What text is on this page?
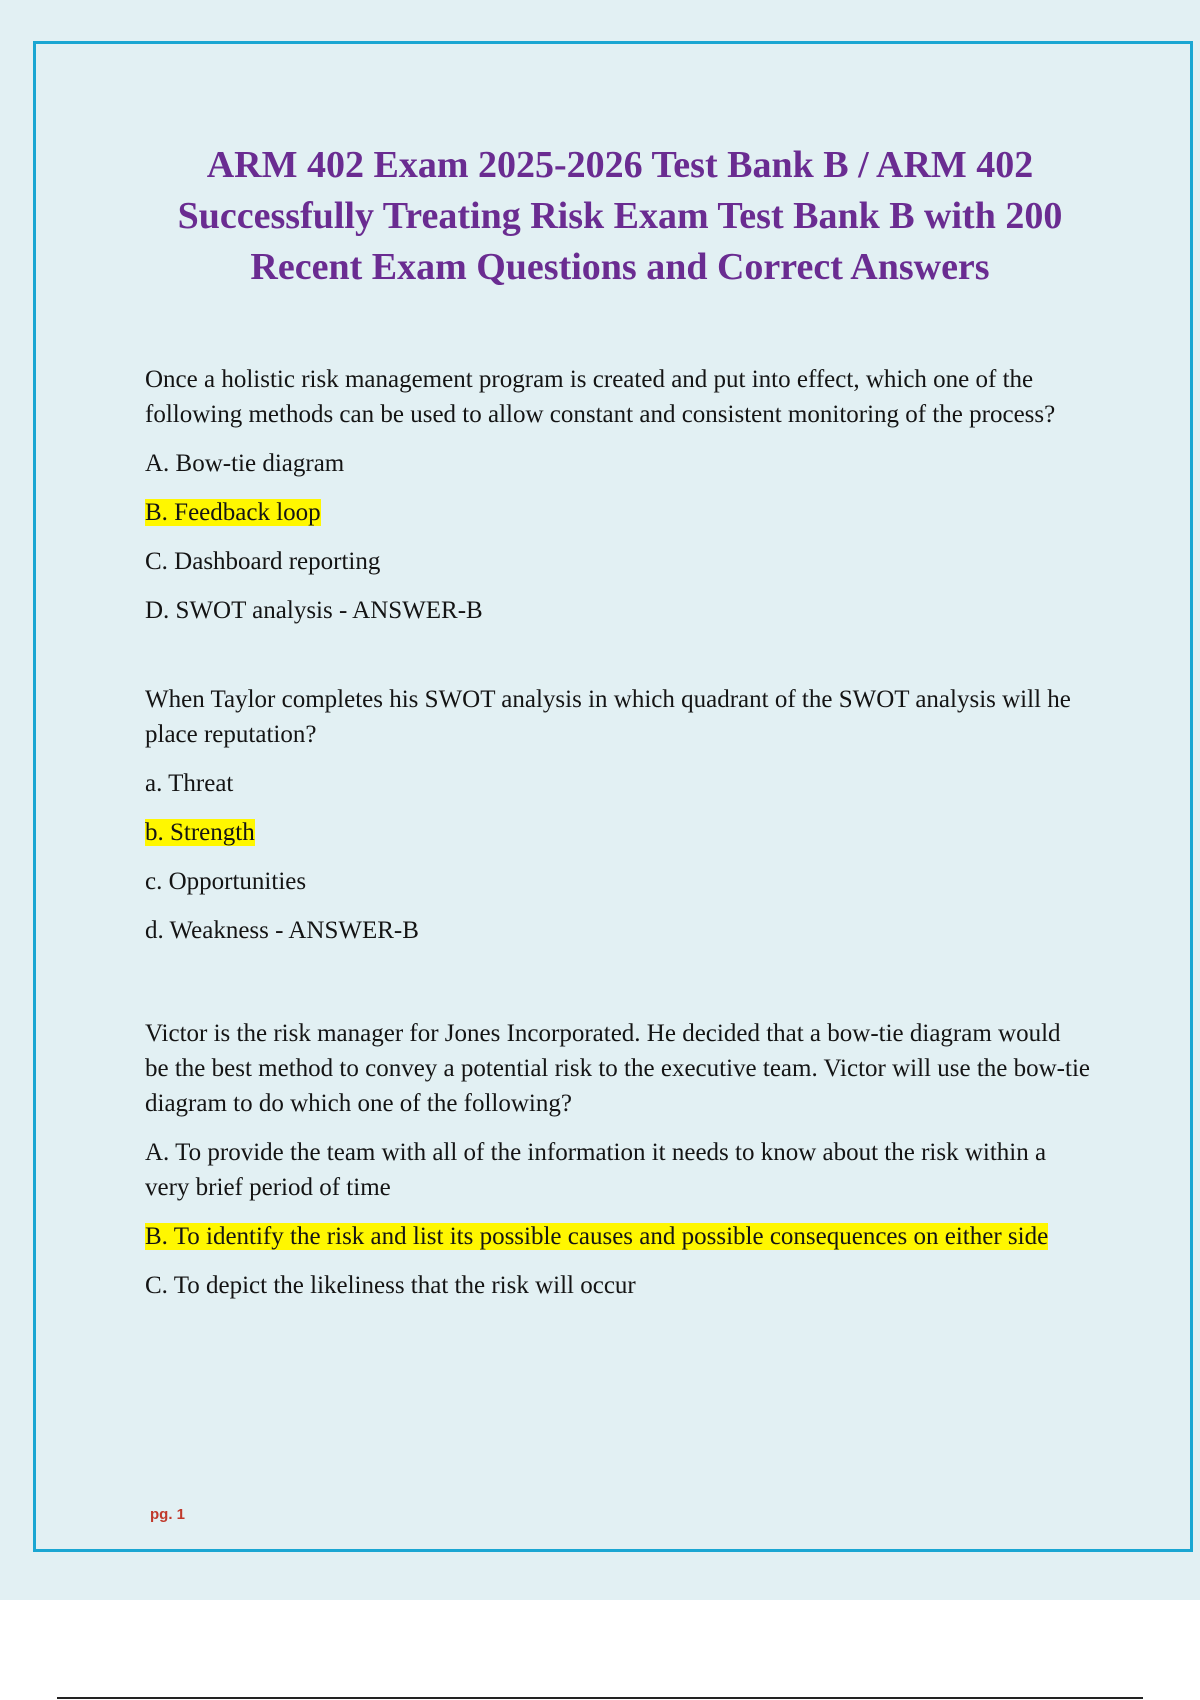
ARM 402 Exam 2025-2026 Test Bank B / ARM 402 Successfully Treating Risk Exam Test Bank B with 200 Recent Exam Questions and Correct Answers

Once a holistic risk management program is created and put into effect, which one of the following methods can be used to allow constant and consistent monitoring of the process?

A. Bow-tie diagram

B. Feedback loop

C. Dashboard reporting

D. SWOT analysis - ANSWER-B

When Taylor completes his SWOT analysis in which quadrant of the SWOT analysis will he place reputation?

a. Threat

b. Strength

c. Opportunities

d. Weakness - ANSWER-B

Victor is the risk manager for Jones Incorporated. He decided that a bow-tie diagram would be the best method to convey a potential risk to the executive team. Victor will use the bow-tie diagram to do which one of the following?

A. To provide the team with all of the information it needs to know about the risk within a very brief period of time

B. To identify the risk and list its possible causes and possible consequences on either side

C. To depict the likeliness that the risk will occur

pg. 1
